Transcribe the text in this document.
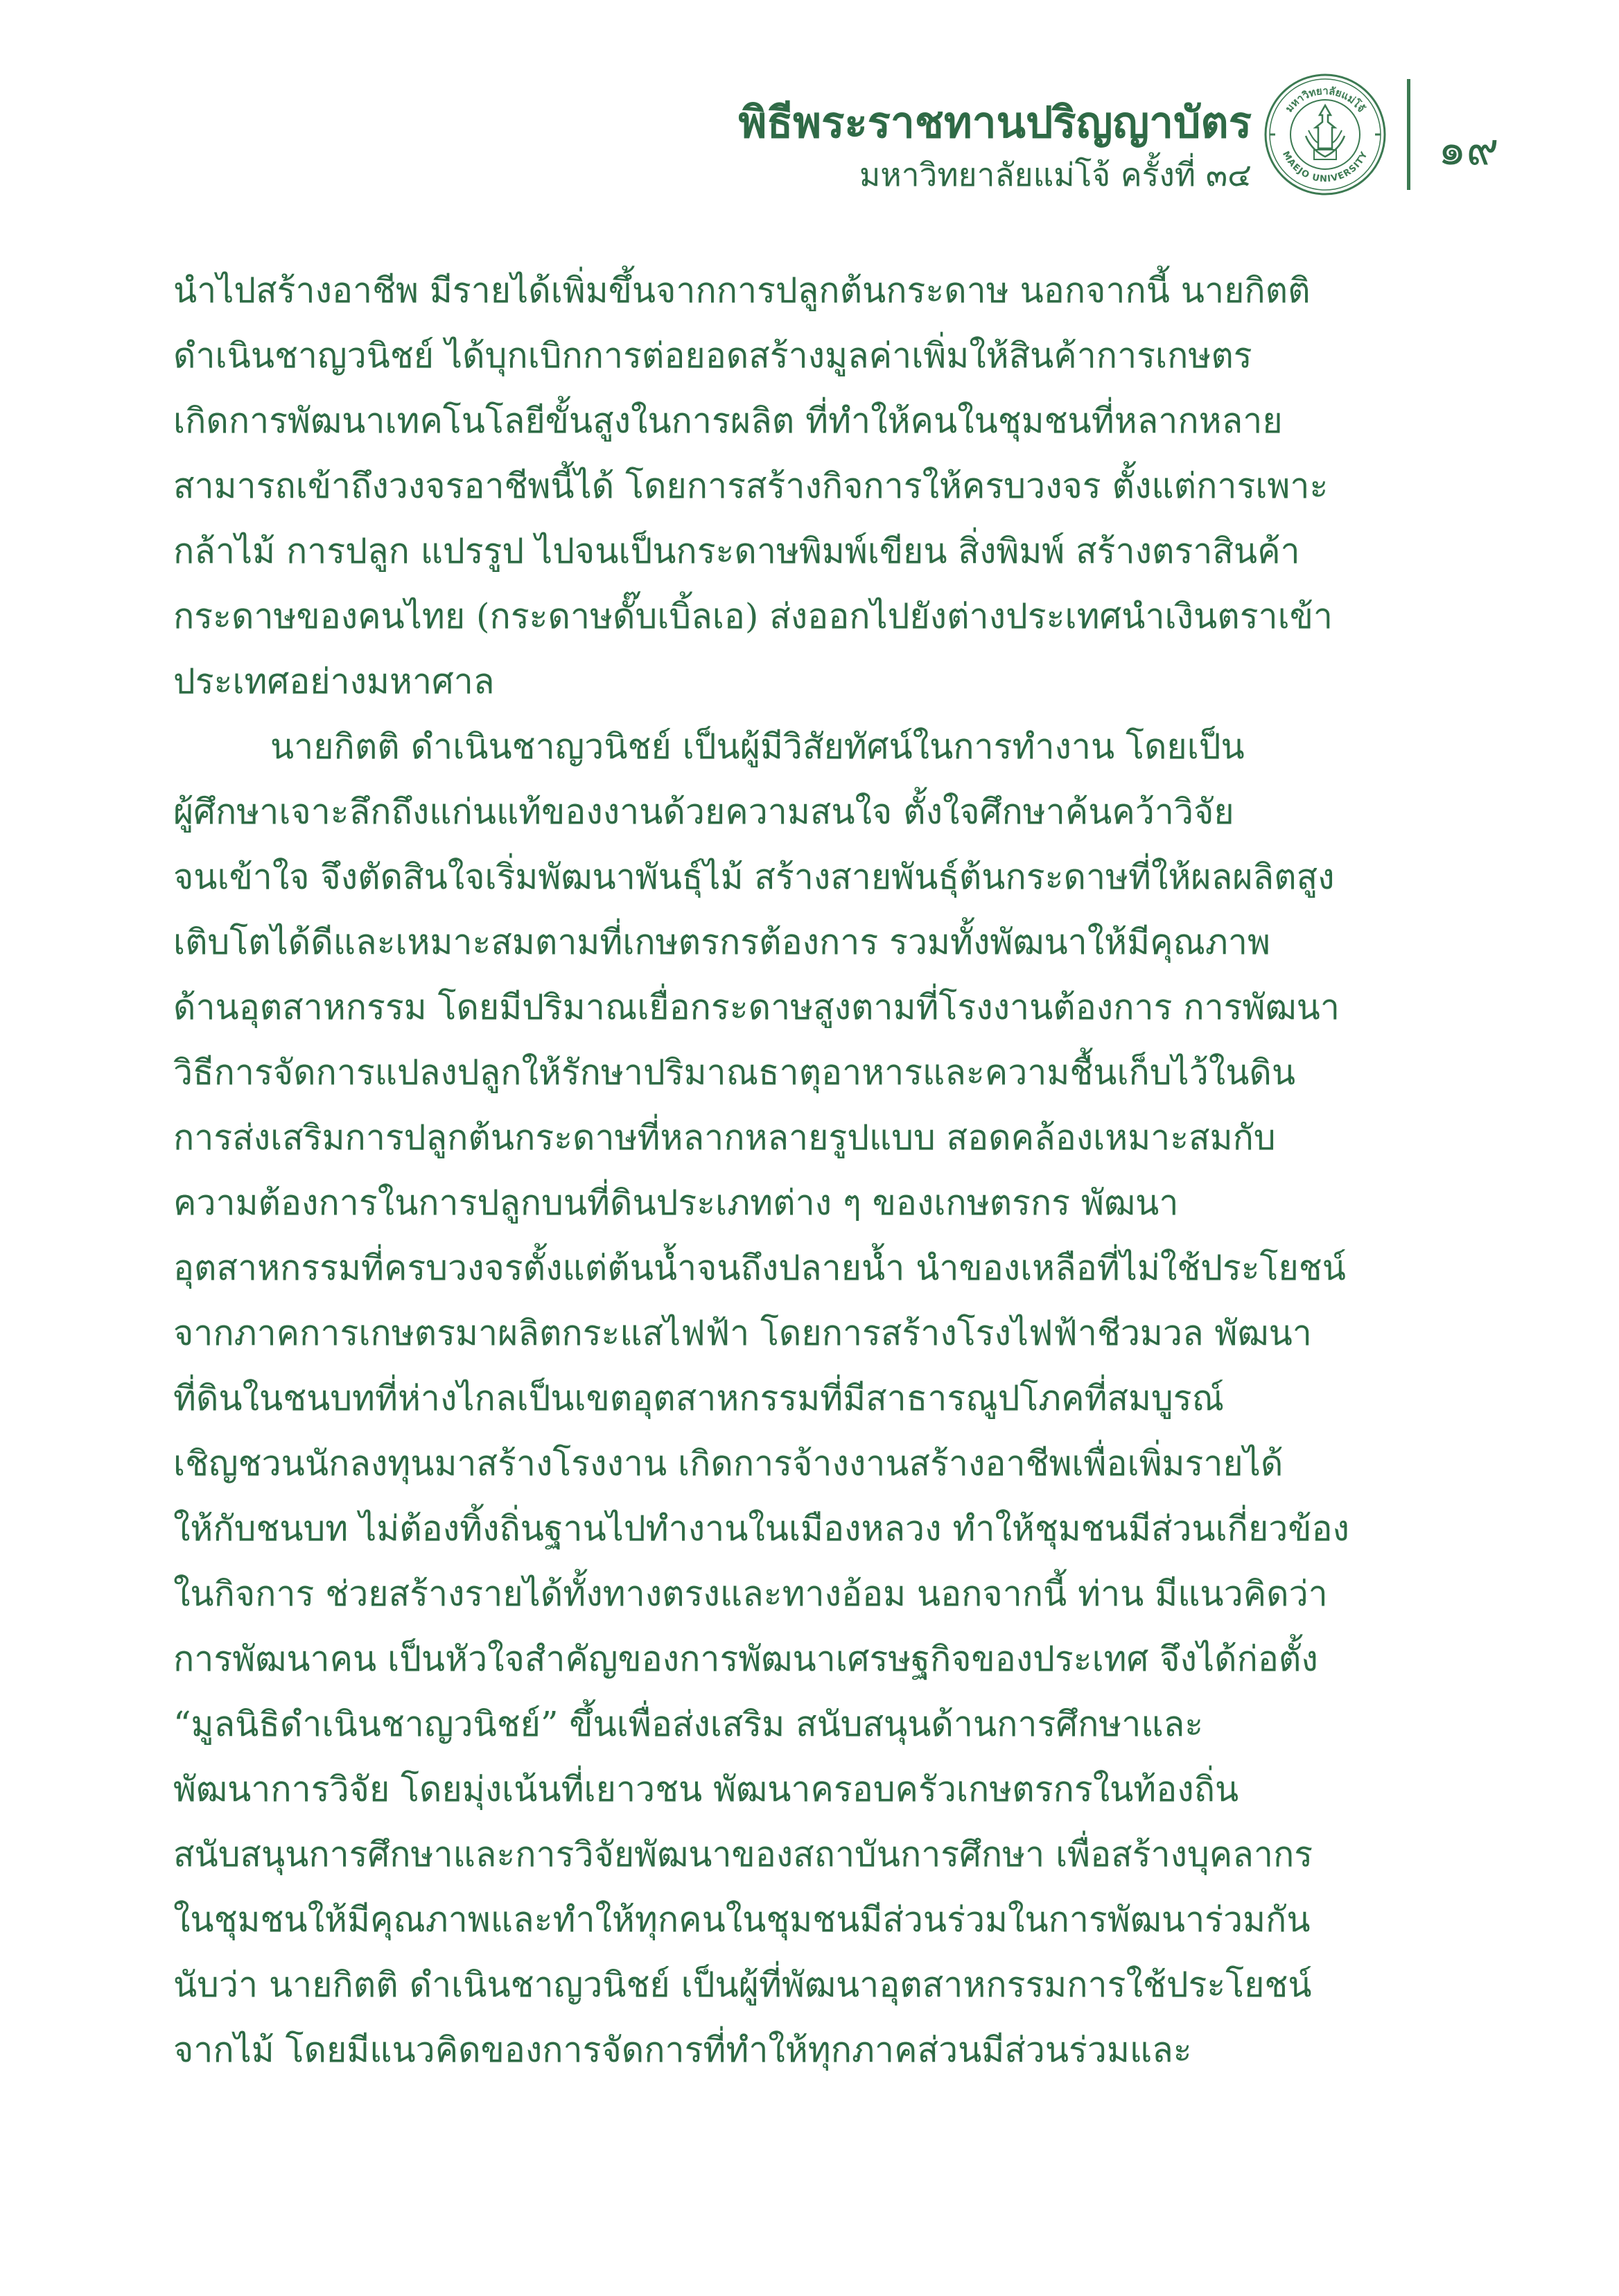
พิธีพระราชทานปริญญาบัตร
มหาวิทยาลัยแม่โจ้ ครั้งที่ ๓๔
มหาวิทยาลัยแม่โจ้
MAEJO UNIVERSITY ๑๙
นำไปสร้างอาชีพ มีรายได้เพิ่มขึ้นจากการปลูกต้นกระดาษ นอกจากนี้ นายกิตติ
ดำเนินชาญวนิชย์ ได้บุกเบิกการต่อยอดสร้างมูลค่าเพิ่มให้สินค้าการเกษตร
เกิดการพัฒนาเทคโนโลยีขั้นสูงในการผลิต ที่ทำให้คนในชุมชนที่หลากหลาย
สามารถเข้าถึงวงจรอาชีพนี้ได้ โดยการสร้างกิจการให้ครบวงจร ตั้งแต่การเพาะ
กล้าไม้ การปลูก แปรรูป ไปจนเป็นกระดาษพิมพ์เขียน สิ่งพิมพ์ สร้างตราสินค้า
กระดาษของคนไทย (กระดาษดั๊บเบิ้ลเอ) ส่งออกไปยังต่างประเทศนำเงินตราเข้า
ประเทศอย่างมหาศาล
นายกิตติ ดำเนินชาญวนิชย์ เป็นผู้มีวิสัยทัศน์ในการทำงาน โดยเป็น
ผู้ศึกษาเจาะลึกถึงแก่นแท้ของงานด้วยความสนใจ ตั้งใจศึกษาค้นคว้าวิจัย
จนเข้าใจ จึงตัดสินใจเริ่มพัฒนาพันธุ์ไม้ สร้างสายพันธุ์ต้นกระดาษที่ให้ผลผลิตสูง
เติบโตได้ดีและเหมาะสมตามที่เกษตรกรต้องการ รวมทั้งพัฒนาให้มีคุณภาพ
ด้านอุตสาหกรรม โดยมีปริมาณเยื่อกระดาษสูงตามที่โรงงานต้องการ การพัฒนา
วิธีการจัดการแปลงปลูกให้รักษาปริมาณธาตุอาหารและความชื้นเก็บไว้ในดิน
การส่งเสริมการปลูกต้นกระดาษที่หลากหลายรูปแบบ สอดคล้องเหมาะสมกับ
ความต้องการในการปลูกบนที่ดินประเภทต่าง ๆ ของเกษตรกร พัฒนา
อุตสาหกรรมที่ครบวงจรตั้งแต่ต้นน้ำจนถึงปลายน้ำ นำของเหลือที่ไม่ใช้ประโยชน์
จากภาคการเกษตรมาผลิตกระแสไฟฟ้า โดยการสร้างโรงไฟฟ้าชีวมวล พัฒนา
ที่ดินในชนบทที่ห่างไกลเป็นเขตอุตสาหกรรมที่มีสาธารณูปโภคที่สมบูรณ์
เชิญชวนนักลงทุนมาสร้างโรงงาน เกิดการจ้างงานสร้างอาชีพเพื่อเพิ่มรายได้
ให้กับชนบท ไม่ต้องทิ้งถิ่นฐานไปทำงานในเมืองหลวง ทำให้ชุมชนมีส่วนเกี่ยวข้อง
ในกิจการ ช่วยสร้างรายได้ทั้งทางตรงและทางอ้อม นอกจากนี้ ท่าน มีแนวคิดว่า
การพัฒนาคน เป็นหัวใจสำคัญของการพัฒนาเศรษฐกิจของประเทศ จึงได้ก่อตั้ง
“มูลนิธิดำเนินชาญวนิชย์” ขึ้นเพื่อส่งเสริม สนับสนุนด้านการศึกษาและ
พัฒนาการวิจัย โดยมุ่งเน้นที่เยาวชน พัฒนาครอบครัวเกษตรกรในท้องถิ่น
สนับสนุนการศึกษาและการวิจัยพัฒนาของสถาบันการศึกษา เพื่อสร้างบุคลากร
ในชุมชนให้มีคุณภาพและทำให้ทุกคนในชุมชนมีส่วนร่วมในการพัฒนาร่วมกัน
นับว่า นายกิตติ ดำเนินชาญวนิชย์ เป็นผู้ที่พัฒนาอุตสาหกรรมการใช้ประโยชน์
จากไม้ โดยมีแนวคิดของการจัดการที่ทำให้ทุกภาคส่วนมีส่วนร่วมและ
